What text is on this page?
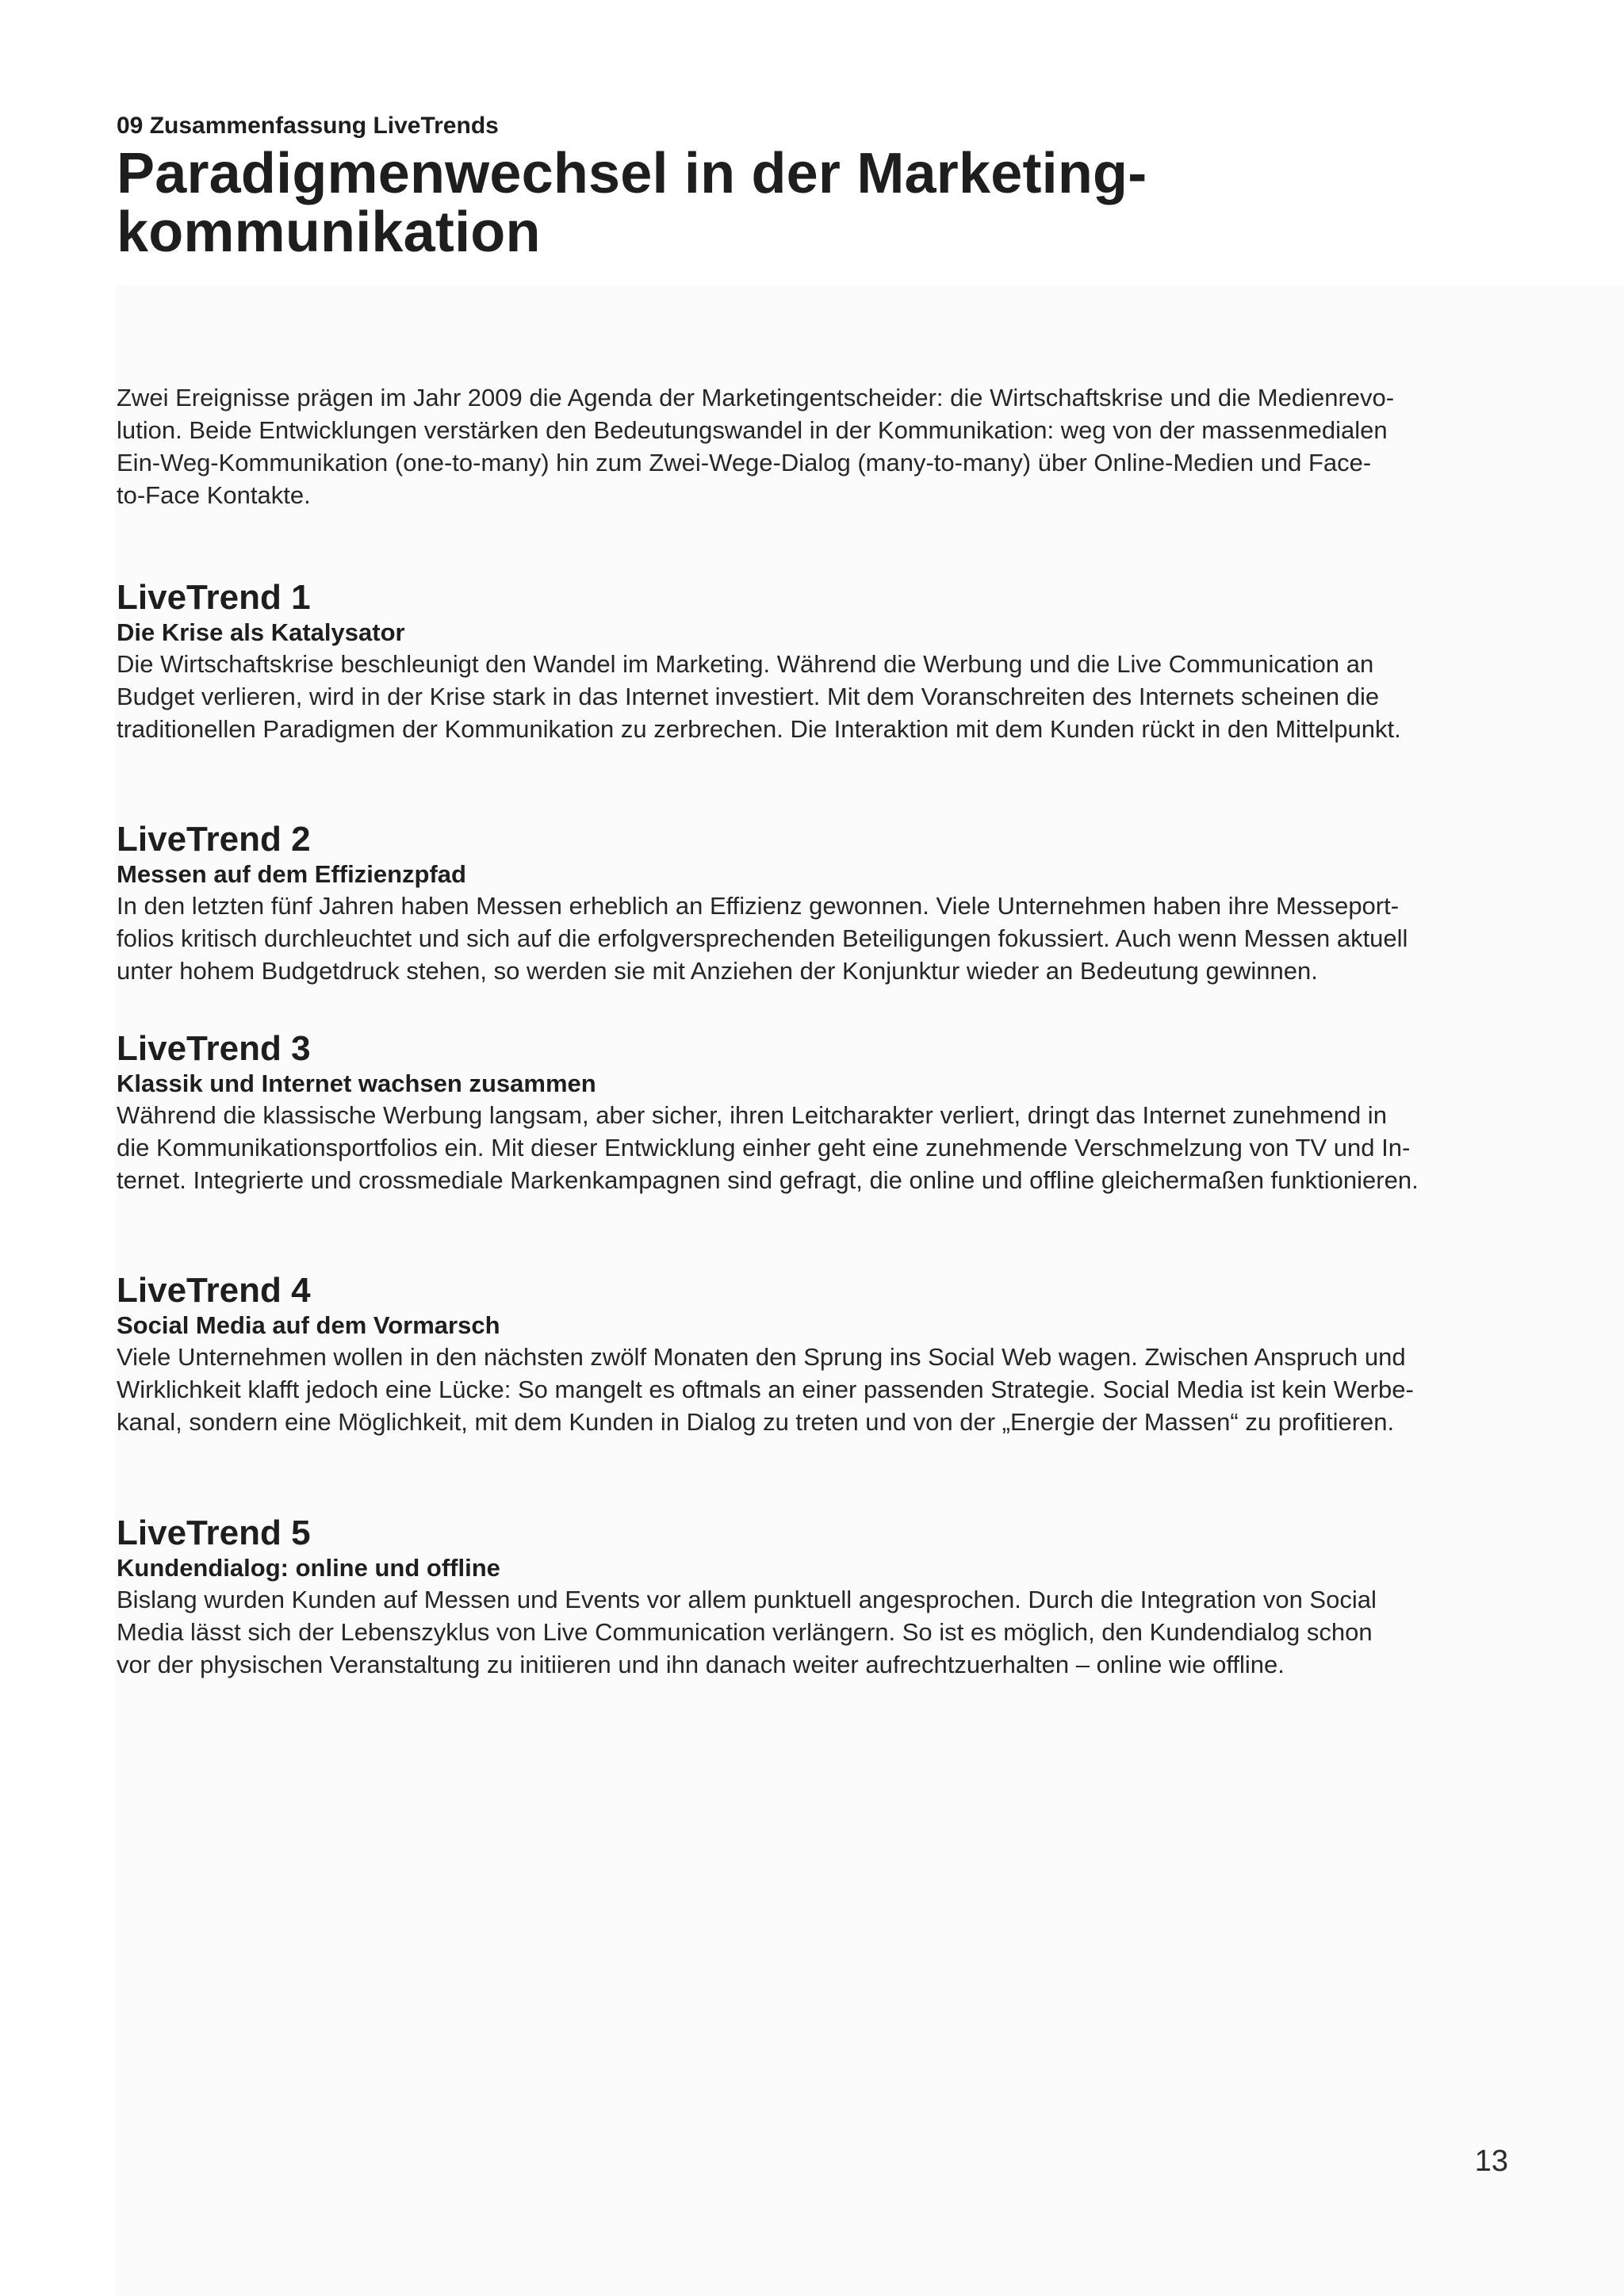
09 Zusammenfassung LiveTrends

Paradigmenwechsel in der Marketing-
kommunikation

Zwei Ereignisse prägen im Jahr 2009 die Agenda der Marketingentscheider: die Wirtschaftskrise und die Medienrevo-
lution. Beide Entwicklungen verstärken den Bedeutungswandel in der Kommunikation: weg von der massenmedialen
Ein-Weg-Kommunikation (one-to-many) hin zum Zwei-Wege-Dialog (many-to-many) über Online-Medien und Face-
to-Face Kontakte.

LiveTrend 1
Die Krise als Katalysator

Die Wirtschaftskrise beschleunigt den Wandel im Marketing. Während die Werbung und die Live Communication an
Budget verlieren, wird in der Krise stark in das Internet investiert. Mit dem Voranschreiten des Internets scheinen die
traditionellen Paradigmen der Kommunikation zu zerbrechen. Die Interaktion mit dem Kunden rückt in den Mittelpunkt.

LiveTrend 2
Messen auf dem Effizienzpfad

In den letzten fünf Jahren haben Messen erheblich an Effizienz gewonnen. Viele Unternehmen haben ihre Messeport-
folios kritisch durchleuchtet und sich auf die erfolgversprechenden Beteiligungen fokussiert. Auch wenn Messen aktuell
unter hohem Budgetdruck stehen, so werden sie mit Anziehen der Konjunktur wieder an Bedeutung gewinnen.

LiveTrend 3
Klassik und Internet wachsen zusammen

Während die klassische Werbung langsam, aber sicher, ihren Leitcharakter verliert, dringt das Internet zunehmend in
die Kommunikationsportfolios ein. Mit dieser Entwicklung einher geht eine zunehmende Verschmelzung von TV und In-
ternet. Integrierte und crossmediale Markenkampagnen sind gefragt, die online und offline gleichermaßen funktionieren.

LiveTrend 4
Social Media auf dem Vormarsch

Viele Unternehmen wollen in den nächsten zwölf Monaten den Sprung ins Social Web wagen. Zwischen Anspruch und
Wirklichkeit klafft jedoch eine Lücke: So mangelt es oftmals an einer passenden Strategie. Social Media ist kein Werbe-
kanal, sondern eine Möglichkeit, mit dem Kunden in Dialog zu treten und von der „Energie der Massen“ zu profitieren.

LiveTrend 5
Kundendialog: online und offline

Bislang wurden Kunden auf Messen und Events vor allem punktuell angesprochen. Durch die Integration von Social
Media lässt sich der Lebenszyklus von Live Communication verlängern. So ist es möglich, den Kundendialog schon
vor der physischen Veranstaltung zu initiieren und ihn danach weiter aufrechtzuerhalten – online wie offline.

13
